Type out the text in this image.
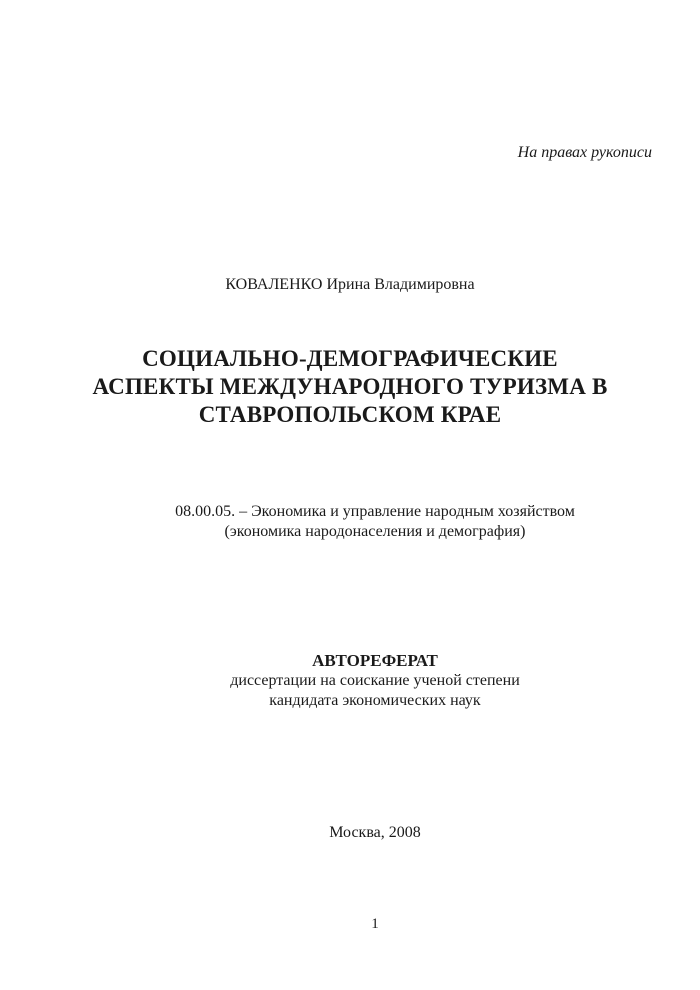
На правах рукописи
КОВАЛЕНКО Ирина Владимировна
СОЦИАЛЬНО-ДЕМОГРАФИЧЕСКИЕ
АСПЕКТЫ МЕЖДУНАРОДНОГО ТУРИЗМА В
СТАВРОПОЛЬСКОМ КРАЕ
08.00.05. – Экономика и управление народным хозяйством
(экономика народонаселения и демография)
АВТОРЕФЕРАТ
диссертации на соискание ученой степени
кандидата экономических наук
Москва, 2008
1
